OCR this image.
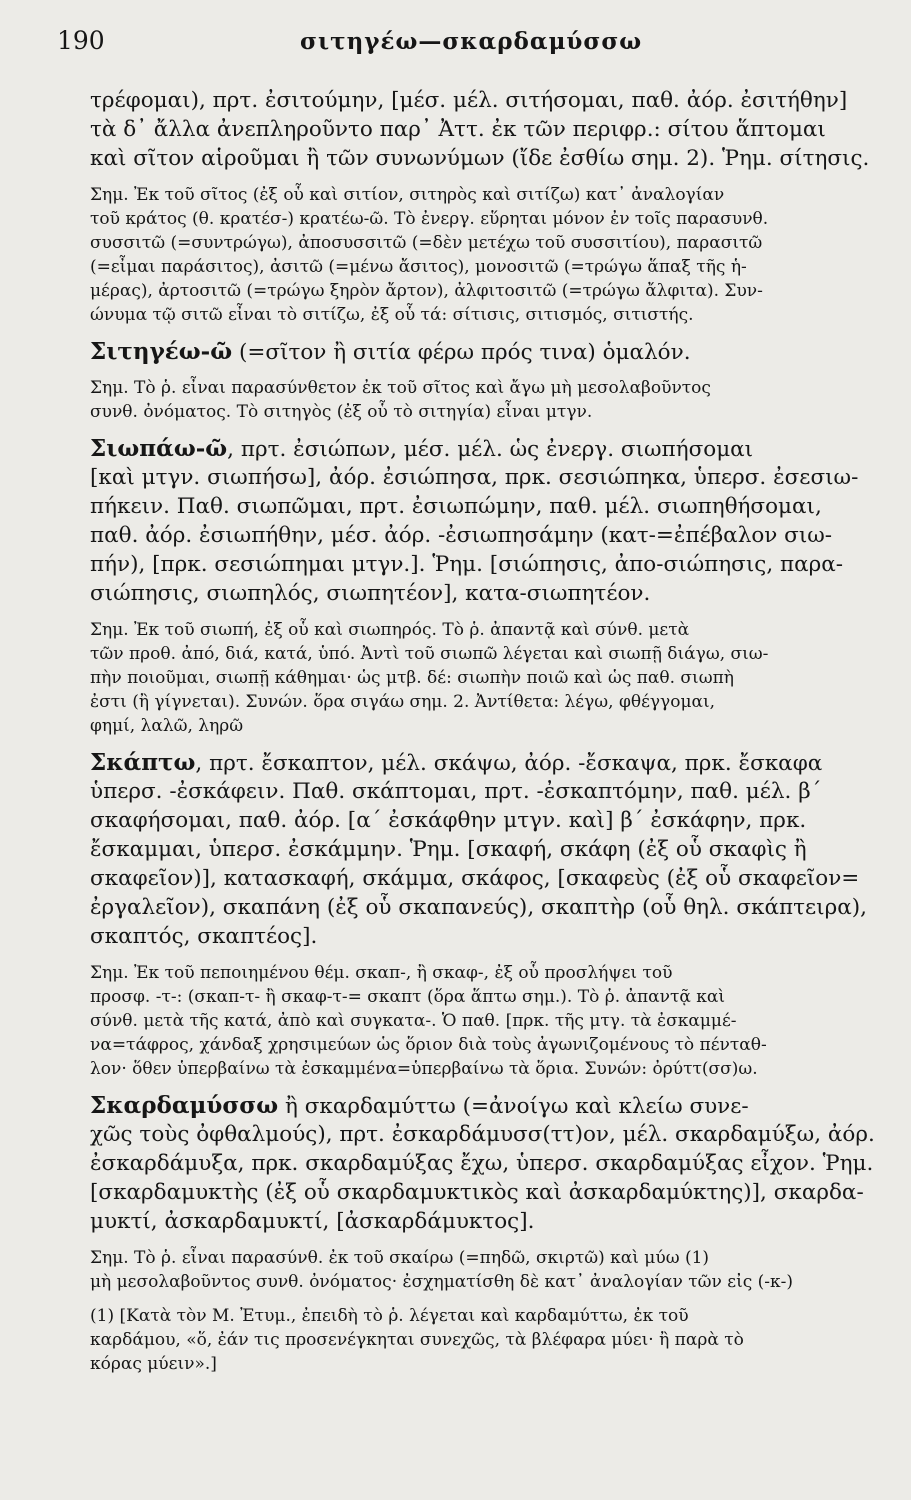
190	σιτηγέω—σκαρδαμύσσω
τρέφομαι), πρτ. ἐσιτούμην, [μέσ. μέλ. σιτήσομαι, παθ. ἀόρ. ἐσιτήθην]
τὰ δ᾽ ἄλλα ἀνεπληροῦντο παρ᾽ Ἀττ. ἐκ τῶν περιφρ.: σίτου ἅπτομαι
καὶ σῖτον αἱροῦμαι ἢ τῶν συνωνύμων (ἴδε ἐσθίω σημ. 2). Ῥημ. σίτησις.
Σημ. Ἐκ τοῦ σῖτος (ἐξ οὗ καὶ σιτίον, σιτηρὸς καὶ σιτίζω) κατ᾽ ἀναλογίαν
τοῦ κράτος (θ. κρατέσ-) κρατέω-ῶ. Τὸ ἐνεργ. εὕρηται μόνον ἐν τοῖς παρασυνθ.
συσσιτῶ (=συντρώγω), ἀποσυσσιτῶ (=δὲν μετέχω τοῦ συσσιτίου), παρασιτῶ
(=εἶμαι παράσιτος), ἀσιτῶ (=μένω ἄσιτος), μονοσιτῶ (=τρώγω ἅπαξ τῆς ἡ-
μέρας), ἀρτοσιτῶ (=τρώγω ξηρὸν ἄρτον), ἀλφιτοσιτῶ (=τρώγω ἄλφιτα). Συν-
ώνυμα τῷ σιτῶ εἶναι τὸ σιτίζω, ἐξ οὗ τά: σίτισις, σιτισμός, σιτιστής.
Σιτηγέω-ῶ (=σῖτον ἢ σιτία φέρω πρός τινα) ὁμαλόν.
Σημ. Τὸ ῥ. εἶναι παρασύνθετον ἐκ τοῦ σῖτος καὶ ἄγω μὴ μεσολαβοῦντος
συνθ. ὀνόματος. Τὸ σιτηγὸς (ἐξ οὗ τὸ σιτηγία) εἶναι μτγν.
Σιωπάω-ῶ, πρτ. ἐσιώπων, μέσ. μέλ. ὡς ἐνεργ. σιωπήσομαι
[καὶ μτγν. σιωπήσω], ἀόρ. ἐσιώπησα, πρκ. σεσιώπηκα, ὑπερσ. ἐσεσιω-
πήκειν. Παθ. σιωπῶμαι, πρτ. ἐσιωπώμην, παθ. μέλ. σιωπηθήσομαι,
παθ. ἀόρ. ἐσιωπήθην, μέσ. ἀόρ. -ἐσιωπησάμην (κατ-=ἐπέβαλον σιω-
πήν), [πρκ. σεσιώπημαι μτγν.]. Ῥημ. [σιώπησις, ἀπο-σιώπησις, παρα-
σιώπησις, σιωπηλός, σιωπητέον], κατα-σιωπητέον.
Σημ. Ἐκ τοῦ σιωπή, ἐξ οὗ καὶ σιωπηρός. Τὸ ῥ. ἀπαντᾷ καὶ σύνθ. μετὰ
τῶν προθ. ἀπό, διά, κατά, ὑπό. Ἀντὶ τοῦ σιωπῶ λέγεται καὶ σιωπῇ διάγω, σιω-
πὴν ποιοῦμαι, σιωπῇ κάθημαι· ὡς μτβ. δέ: σιωπὴν ποιῶ καὶ ὡς παθ. σιωπὴ
ἐστι (ἢ γίγνεται). Συνών. ὅρα σιγάω σημ. 2. Ἀντίθετα: λέγω, φθέγγομαι,
φημί, λαλῶ, ληρῶ
Σκάπτω, πρτ. ἔσκαπτον, μέλ. σκάψω, ἀόρ. -ἔσκαψα, πρκ. ἔσκαφα
ὑπερσ. -ἐσκάφειν. Παθ. σκάπτομαι, πρτ. -ἐσκαπτόμην, παθ. μέλ. β´
σκαφήσομαι, παθ. ἀόρ. [α´ ἐσκάφθην μτγν. καὶ] β´ ἐσκάφην, πρκ.
ἔσκαμμαι, ὑπερσ. ἐσκάμμην. Ῥημ. [σκαφή, σκάφη (ἐξ οὗ σκαφὶς ἢ
σκαφεῖον)], κατασκαφή, σκάμμα, σκάφος, [σκαφεὺς (ἐξ οὗ σκαφεῖον=
ἐργαλεῖον), σκαπάνη (ἐξ οὗ σκαπανεύς), σκαπτὴρ (οὗ θηλ. σκάπτειρα),
σκαπτός, σκαπτέος].
Σημ. Ἐκ τοῦ πεποιημένου θέμ. σκαπ-, ἢ σκαφ-, ἐξ οὗ προσλήψει τοῦ
προσφ. -τ-: (σκαπ-τ- ἢ σκαφ-τ-= σκαπτ (ὅρα ἅπτω σημ.). Τὸ ῥ. ἀπαντᾷ καὶ
σύνθ. μετὰ τῆς κατά, ἀπὸ καὶ συγκατα-. Ὁ παθ. [πρκ. τῆς μτγ. τὰ ἐσκαμμέ-
να=τάφρος, χάνδαξ χρησιμεύων ὡς ὅριον διὰ τοὺς ἀγωνιζομένους τὸ πένταθ-
λον· ὅθεν ὑπερβαίνω τὰ ἐσκαμμένα=ὑπερβαίνω τὰ ὅρια. Συνών: ὀρύττ(σσ)ω.
Σκαρδαμύσσω ἢ σκαρδαμύττω (=ἀνοίγω καὶ κλείω συνε-
χῶς τοὺς ὀφθαλμούς), πρτ. ἐσκαρδάμυσσ(ττ)ον, μέλ. σκαρδαμύξω, ἀόρ.
ἐσκαρδάμυξα, πρκ. σκαρδαμύξας ἔχω, ὑπερσ. σκαρδαμύξας εἶχον. Ῥημ.
[σκαρδαμυκτὴς (ἐξ οὗ σκαρδαμυκτικὸς καὶ ἀσκαρδαμύκτης)], σκαρδα-
μυκτί, ἀσκαρδαμυκτί, [ἀσκαρδάμυκτος].
Σημ. Τὸ ῥ. εἶναι παρασύνθ. ἐκ τοῦ σκαίρω (=πηδῶ, σκιρτῶ) καὶ μύω (1)
μὴ μεσολαβοῦντος συνθ. ὀνόματος· ἐσχηματίσθη δὲ κατ᾽ ἀναλογίαν τῶν εἰς (-κ-)
(1) [Κατὰ τὸν Μ. Ἐτυμ., ἐπειδὴ τὸ ῥ. λέγεται καὶ καρδαμύττω, ἐκ τοῦ
καρδάμου, «ὅ, ἐάν τις προσενέγκηται συνεχῶς, τὰ βλέφαρα μύει· ἢ παρὰ τὸ
κόρας μύειν».]
